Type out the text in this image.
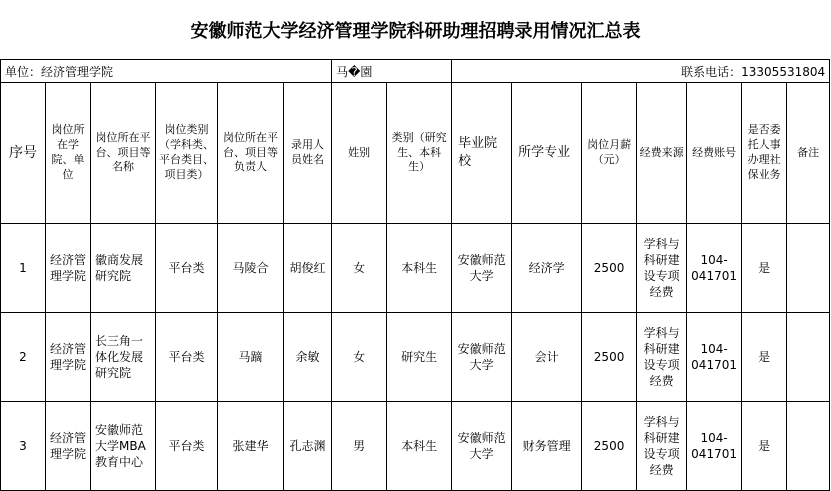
安徽师范大学经济管理学院科研助理招聘录用情况汇总表
单位：经济管理学院						马�園		联系电话：13305531804						
序号	岗位所在学院、单位	岗位所在平台、项目等名称	岗位类别（学科类、平台类目、项目类）	岗位所在平台、项目等负责人	录用人员姓名	姓别	类别（研究生、本科生）	毕业院校	所学专业	岗位月薪（元）	经费来源	经费账号	是否委托人事办理社保业务	备注
1	经济管理学院	徽商发展研究院	平台类	马陵合	胡俊红	女	本科生	安徽师范大学	经济学	2500	学科与科研建设专项经费	104-041701	是	
2	经济管理学院	长三角一体化发展研究院	平台类	马蹢	余敏	女	研究生	安徽师范大学	会计	2500	学科与科研建设专项经费	104-041701	是	
3	经济管理学院	安徽师范大学MBA教育中心	平台类	张建华	孔志渊	男	本科生	安徽师范大学	财务管理	2500	学科与科研建设专项经费	104-041701	是	
